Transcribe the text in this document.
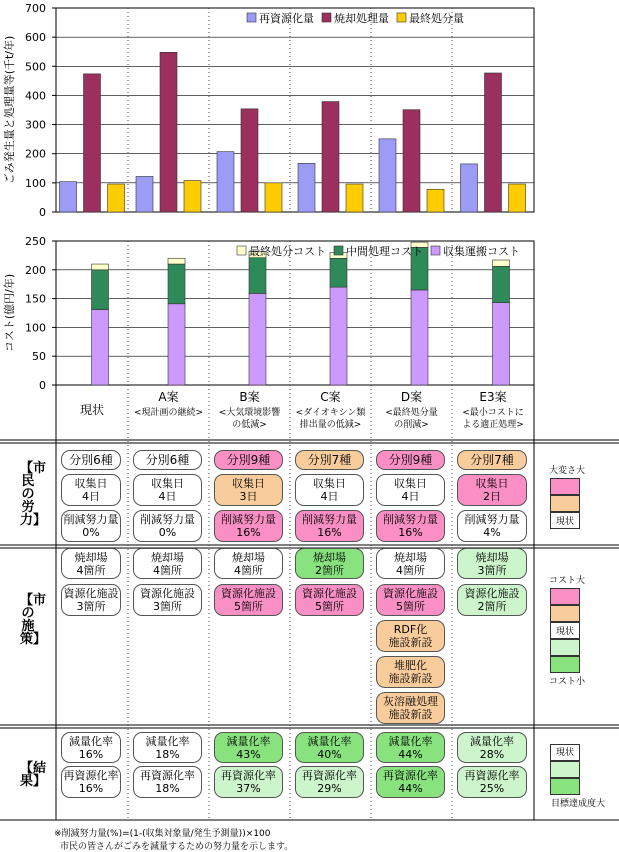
0
100
200
300
400
500
600
700
ごみ発生量と処理量等(千t/年)
再資源化量 焼却処理量 最終処分量
0
50
100
150
200
250
コスト(億円/年)
最終処分コスト 中間処理コスト 収集運搬コスト
現状
A案
<現計画の継続>
B案
<大気環境影響
の低減>
C案
<ダイオキシン類
排出量の低減>
D案
<最終処分量
の削減>
E3案
<最小コストに
よる適正処理>
【市民の労力】
【市の施策】
【結果】
分別6種
収集日
4日
削減努力量
0%
分別6種
収集日
4日
削減努力量
0%
分別9種
収集日
3日
削減努力量
16%
分別7種
収集日
4日
削減努力量
16%
分別9種
収集日
4日
削減努力量
16%
分別7種
収集日
2日
削減努力量
4%
焼却場
4箇所
資源化施設
3箇所
焼却場
4箇所
資源化施設
3箇所
焼却場
4箇所
資源化施設
5箇所
焼却場
2箇所
資源化施設
5箇所
焼却場
4箇所
資源化施設
5箇所
RDF化
施設新設
堆肥化
施設新設
灰溶融処理
施設新設
焼却場
3箇所
資源化施設
2箇所
減量化率
16%
再資源化率
16%
減量化率
18%
再資源化率
18%
減量化率
43%
再資源化率
37%
減量化率
40%
再資源化率
29%
減量化率
44%
再資源化率
44%
減量化率
28%
再資源化率
25%
大変さ大
現状
コスト大
現状
コスト小
現状
目標達成度大
※削減努力量(%)=(1-(収集対象量/発生予測量))×100
市民の皆さんがごみを減量するための努力量を示します。
